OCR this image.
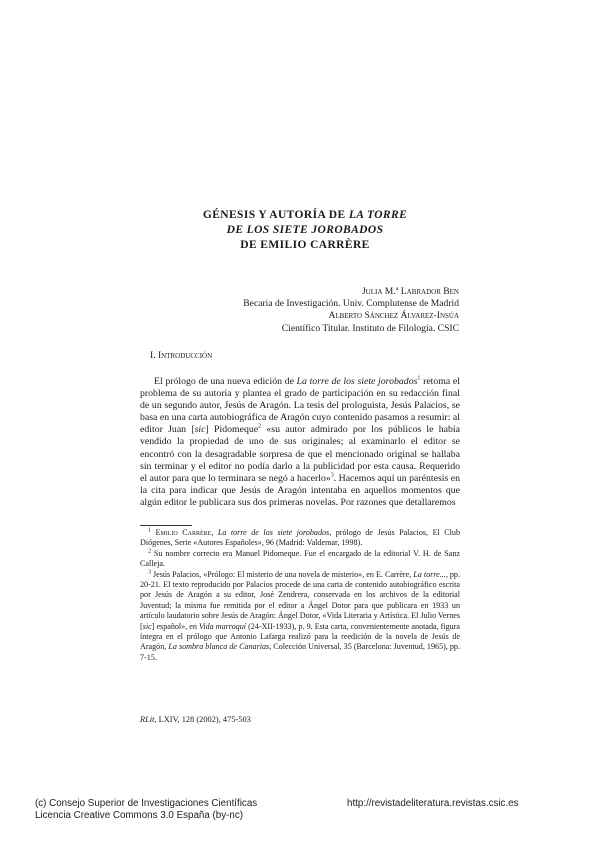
GÉNESIS Y AUTORÍA DE LA TORRE
DE LOS SIETE JOROBADOS
DE EMILIO CARRÈRE
Julia M.ª Labrador Ben
Becaria de Investigación. Univ. Complutense de Madrid
Alberto Sánchez Álvarez-Insúa
Científico Titular. Instituto de Filología. CSIC
I. Introducción

El prólogo de una nueva edición de La torre de los siete jorobados$^1$ retoma el problema de su autoría y plantea el grado de participación en su redacción final de un segundo autor, Jesús de Aragón. La tesis del prologuista, Jesús Palacios, se basa en una carta autobiográfica de Aragón cuyo contenido pasamos a resumir: al editor Juan [sic] Pidomeque$^2$ «su autor admirado por los públicos le había vendido la propiedad de uno de sus originales; al examinarlo el editor se encontró con la desagradable sorpresa de que el mencionado original se hallaba sin terminar y el editor no podía darlo a la publicidad por esta causa. Requerido el autor para que lo terminara se negó a hacerlo»$^3$. Hacemos aquí un paréntesis en la cita para indicar que Jesús de Aragón intentaba en aquellos momentos que algún editor le publicara sus dos primeras novelas. Por razones que detallaremos

$^1$ Emilio Carrère, La torre de los siete jorobados, prólogo de Jesús Palacios, El Club Diógenes, Serie «Autores Españoles», 96 (Madrid: Valdemar, 1998).

$^2$ Su nombre correcto era Manuel Pidomeque. Fue el encargado de la editorial V. H. de Sanz Calleja.

$^3$ Jesús Palacios, «Prólogo: El misterio de una novela de misterio», en E. Carrère, La torre..., pp. 20-21. El texto reproducido por Palacios procede de una carta de contenido autobiográfico escrita por Jesús de Aragón a su editor, José Zendrera, conservada en los archivos de la editorial Juventud; la misma fue remitida por el editor a Ángel Dotor para que publicara en 1933 un artículo laudatorio sobre Jesús de Aragón: Ángel Dotor, «Vida Literaria y Artística. El Julio Vernes [sic] español», en Vida marroquí (24-XII-1933), p. 9. Esta carta, convenientemente anotada, figura íntegra en el prólogo que Antonio Lafarga realizó para la reedición de la novela de Jesús de Aragón, La sombra blanca de Canarias, Colección Universal, 35 (Barcelona: Juventud, 1965), pp. 7-15.

RLit, LXIV, 128 (2002), 475-503
(c) Consejo Superior de Investigaciones Científicas
Licencia Creative Commons 3.0 España (by-nc)
http://revistadeliteratura.revistas.csic.es
